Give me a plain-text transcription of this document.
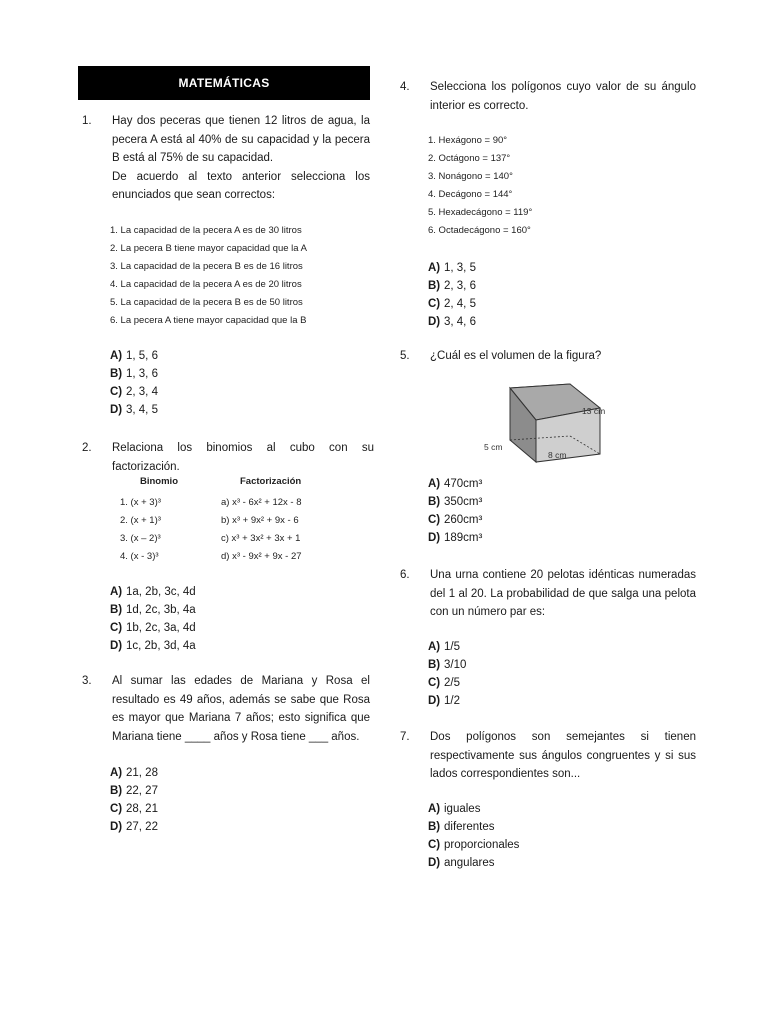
MATEMÁTICAS
1.	Hay dos peceras que tienen 12 litros de agua, la pecera A está al 40% de su capacidad y la pecera B está al 75% de su capacidad.
De acuerdo al texto anterior selecciona los enunciados que sean correctos:
1. La capacidad de la pecera A es de 30 litros
2. La pecera B tiene mayor capacidad que la A
3. La capacidad de la pecera B es de 16 litros
4. La capacidad de la pecera A es de 20 litros
5. La capacidad de la pecera B es de 50 litros
6. La pecera A tiene mayor capacidad que la B
A) 1, 5, 6
B) 1, 3, 6
C) 2, 3, 4
D) 3, 4, 5
2.	Relaciona los binomios al cubo con su factorización.
Binomio	Factorización
1. (x + 3)³	a) x³ - 6x² + 12x - 8
2. (x + 1)³	b) x³ + 9x² + 9x - 6
3. (x – 2)³	c) x³ + 3x² + 3x + 1
4. (x - 3)³	d) x³ - 9x² + 9x - 27
A) 1a, 2b, 3c, 4d
B) 1d, 2c, 3b, 4a
C) 1b, 2c, 3a, 4d
D) 1c, 2b, 3d, 4a
3.	Al sumar las edades de Mariana y Rosa el resultado es 49 años, además se sabe que Rosa es mayor que Mariana 7 años; esto significa que Mariana tiene ____ años y Rosa tiene ___ años.
A) 21, 28
B) 22, 27
C) 28, 21
D) 27, 22
4.	Selecciona los polígonos cuyo valor de su ángulo interior es correcto.
1. Hexágono = 90°
2. Octágono = 137°
3. Nonágono = 140°
4. Decágono = 144°
5. Hexadecágono = 119°
6. Octadecágono = 160°
A) 1, 3, 5
B) 2, 3, 6
C) 2, 4, 5
D) 3, 4, 6
5.	¿Cuál es el volumen de la figura?
13 cm
5 cm
8 cm
A) 470cm³
B) 350cm³
C) 260cm³
D) 189cm³
6.	Una urna contiene 20 pelotas idénticas numeradas del 1 al 20. La probabilidad de que salga una pelota con un número par es:
A) 1/5
B) 3/10
C) 2/5
D) 1/2
7.	Dos polígonos son semejantes si tienen respectivamente sus ángulos congruentes y si sus lados correspondientes son...
A) iguales
B) diferentes
C) proporcionales
D) angulares
